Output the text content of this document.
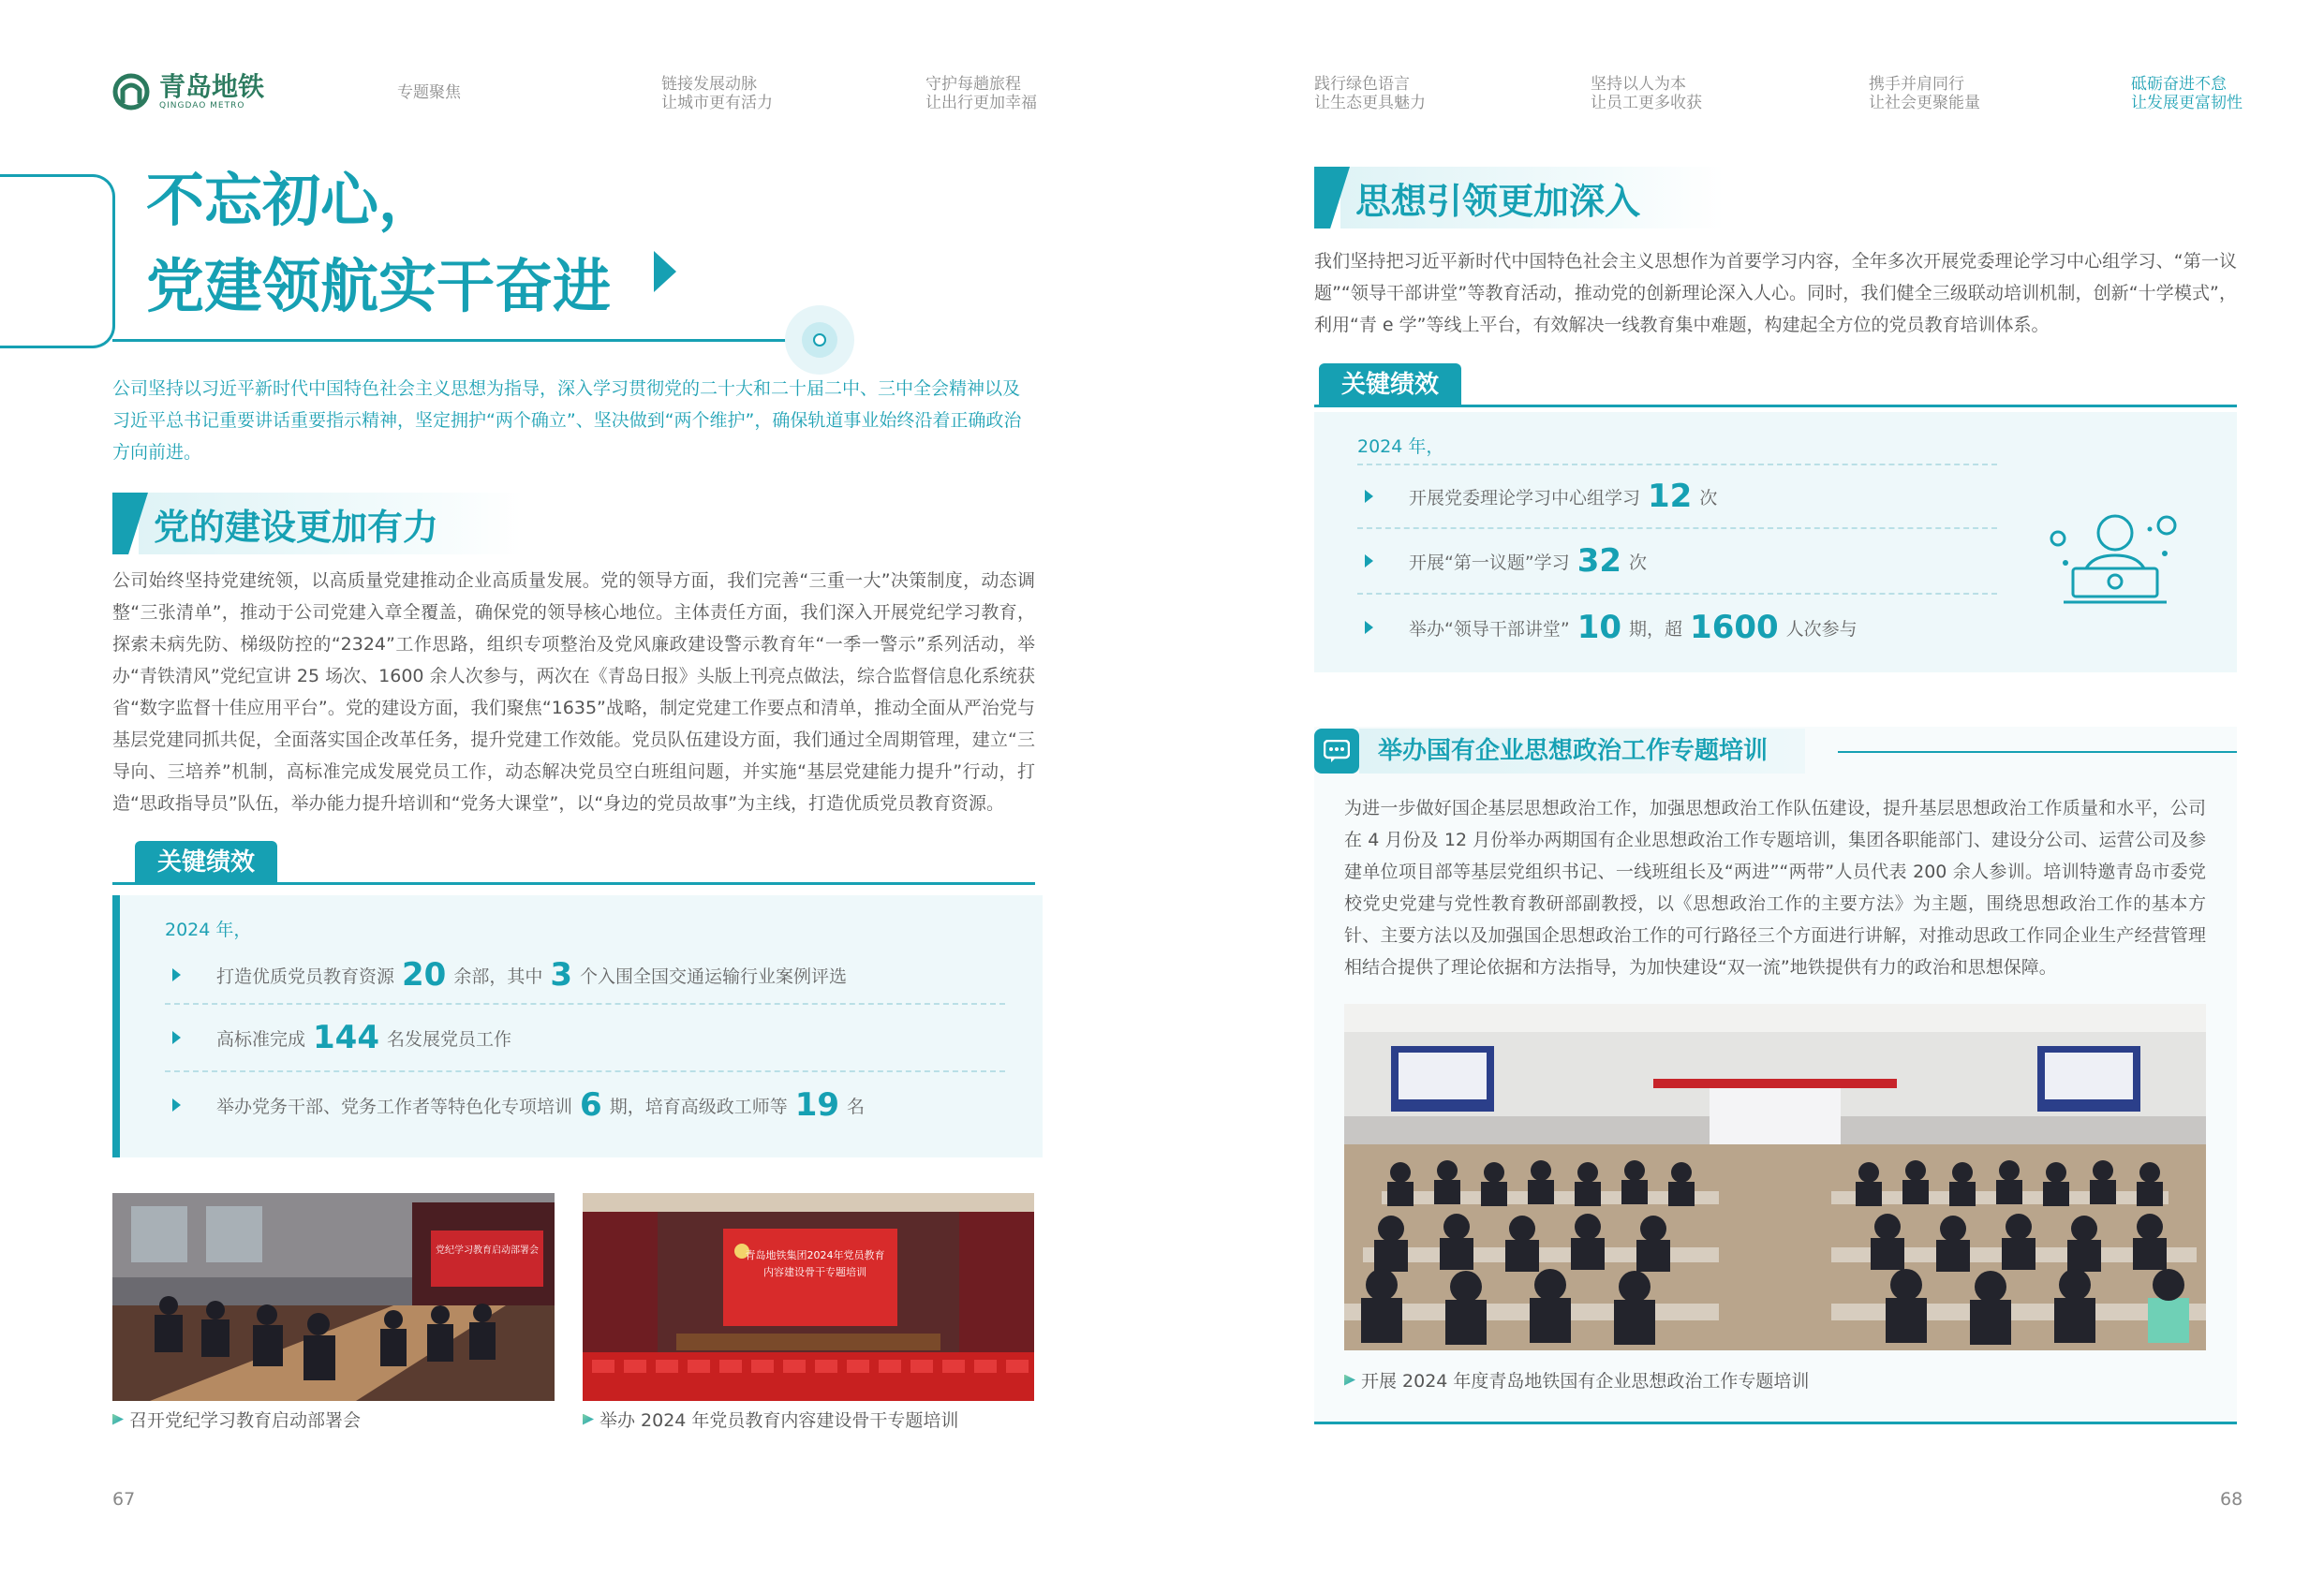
青岛地铁
QINGDAO METRO
专题聚焦	链接发展动脉
让城市更有活力
守护每趟旅程
让出行更加幸福
践行绿色语言
让生态更具魅力
坚持以人为本
让员工更多收获
携手并肩同行
让社会更聚能量
砥砺奋进不怠
让发展更富韧性
不忘初心，
党建领航实干奋进
公司坚持以习近平新时代中国特色社会主义思想为指导，深入学习贯彻党的二十大和二十届二中、三中全会精神以及习近平总书记重要讲话重要指示精神，坚定拥护“两个确立”、坚决做到“两个维护”，确保轨道事业始终沿着正确政治方向前进。
党的建设更加有力
公司始终坚持党建统领，以高质量党建推动企业高质量发展。党的领导方面，我们完善“三重一大”决策制度，动态调整“三张清单”，推动于公司党建入章全覆盖，确保党的领导核心地位。主体责任方面，我们深入开展党纪学习教育，探索未病先防、梯级防控的“2324”工作思路，组织专项整治及党风廉政建设警示教育年“一季一警示”系列活动，举办“青铁清风”党纪宣讲 25 场次、1600 余人次参与，两次在《青岛日报》头版上刊亮点做法，综合监督信息化系统获省“数字监督十佳应用平台”。党的建设方面，我们聚焦“1635”战略，制定党建工作要点和清单，推动全面从严治党与基层党建同抓共促，全面落实国企改革任务，提升党建工作效能。党员队伍建设方面，我们通过全周期管理，建立“三导向、三培养”机制，高标准完成发展党员工作，动态解决党员空白班组问题，并实施“基层党建能力提升”行动，打造“思政指导员”队伍，举办能力提升培训和“党务大课堂”，以“身边的党员故事”为主线，打造优质党员教育资源。
关键绩效
2024 年，
打造优质党员教育资源 20 余部，其中 3 个入围全国交通运输行业案例评选
高标准完成 144 名发展党员工作
举办党务干部、党务工作者等特色化专项培训 6 期，培育高级政工师等 19 名
党纪学习教育启动部署会
召开党纪学习教育启动部署会
青岛地铁集团2024年党员教育
内容建设骨干专题培训
举办 2024 年党员教育内容建设骨干专题培训
67
思想引领更加深入
我们坚持把习近平新时代中国特色社会主义思想作为首要学习内容，全年多次开展党委理论学习中心组学习、“第一议题”“领导干部讲堂”等教育活动，推动党的创新理论深入人心。同时，我们健全三级联动培训机制，创新“十学模式”，利用“青 e 学”等线上平台，有效解决一线教育集中难题，构建起全方位的党员教育培训体系。
关键绩效
2024 年，
开展党委理论学习中心组学习 12 次
开展“第一议题”学习 32 次
举办“领导干部讲堂” 10 期，超 1600 人次参与
举办国有企业思想政治工作专题培训
为进一步做好国企基层思想政治工作，加强思想政治工作队伍建设，提升基层思想政治工作质量和水平，公司在 4 月份及 12 月份举办两期国有企业思想政治工作专题培训，集团各职能部门、建设分公司、运营公司及参建单位项目部等基层党组织书记、一线班组长及“两进”“两带”人员代表 200 余人参训。培训特邀青岛市委党校党史党建与党性教育教研部副教授，以《思想政治工作的主要方法》为主题，围绕思想政治工作的基本方针、主要方法以及加强国企思想政治工作的可行路径三个方面进行讲解，对推动思政工作同企业生产经营管理相结合提供了理论依据和方法指导，为加快建设“双一流”地铁提供有力的政治和思想保障。
开展 2024 年度青岛地铁国有企业思想政治工作专题培训
68
